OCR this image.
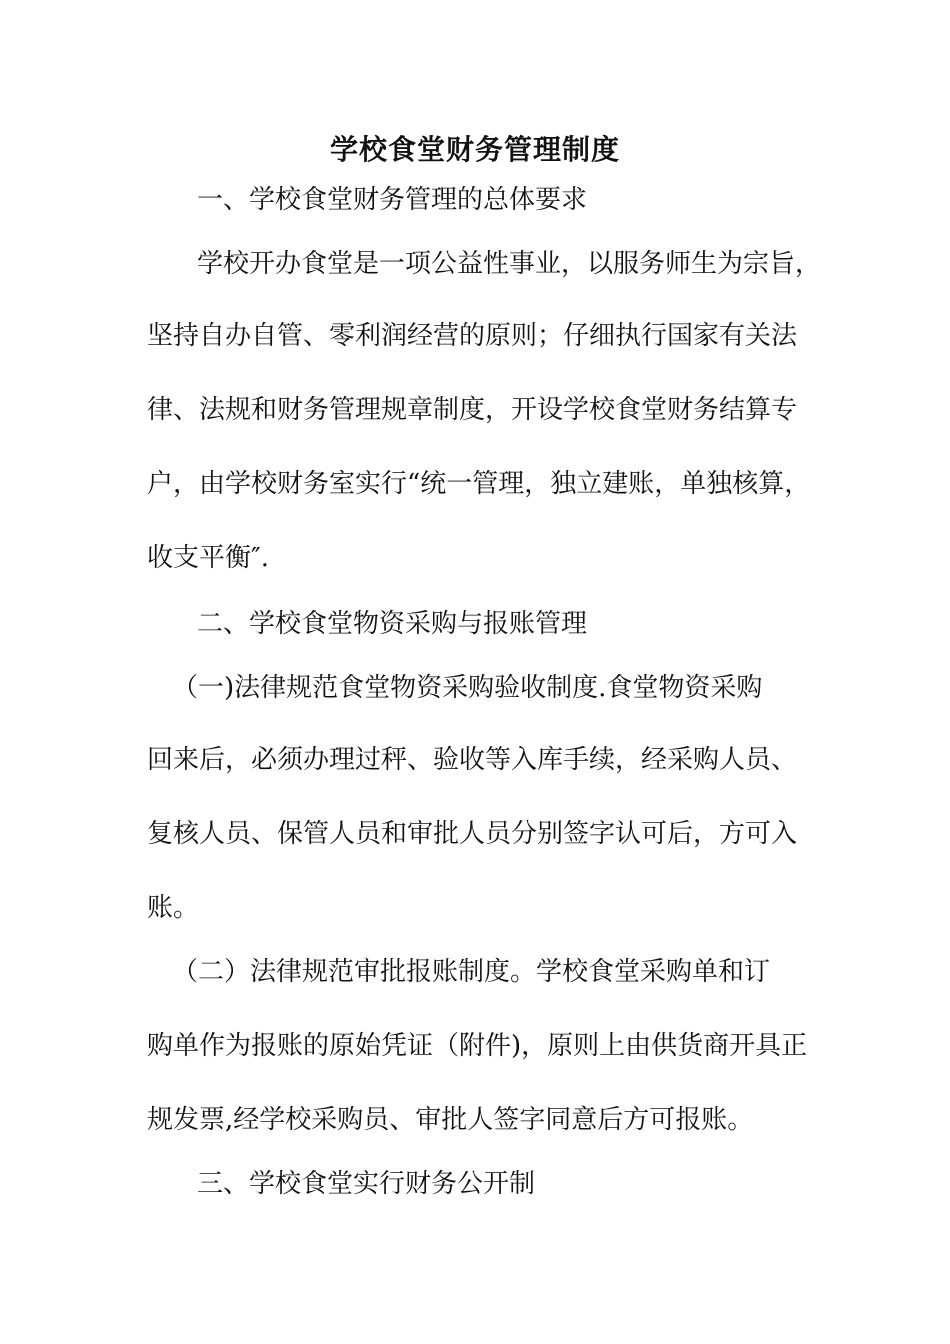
学校食堂财务管理制度

一、学校食堂财务管理的总体要求

学校开办食堂是一项公益性事业，以服务师生为宗旨，

坚持自办自管、零利润经营的原则；仔细执行国家有关法

律、法规和财务管理规章制度，开设学校食堂财务结算专

户，由学校财务室实行“统一管理，独立建账，单独核算，

收支平衡″.

二、学校食堂物资采购与报账管理

（一)法律规范食堂物资采购验收制度.食堂物资采购

回来后，必须办理过秤、验收等入库手续，经采购人员、

复核人员、保管人员和审批人员分别签字认可后，方可入

账。

（二）法律规范审批报账制度。学校食堂采购单和订

购单作为报账的原始凭证（附件)，原则上由供货商开具正

规发票,经学校采购员、审批人签字同意后方可报账。

三、学校食堂实行财务公开制
